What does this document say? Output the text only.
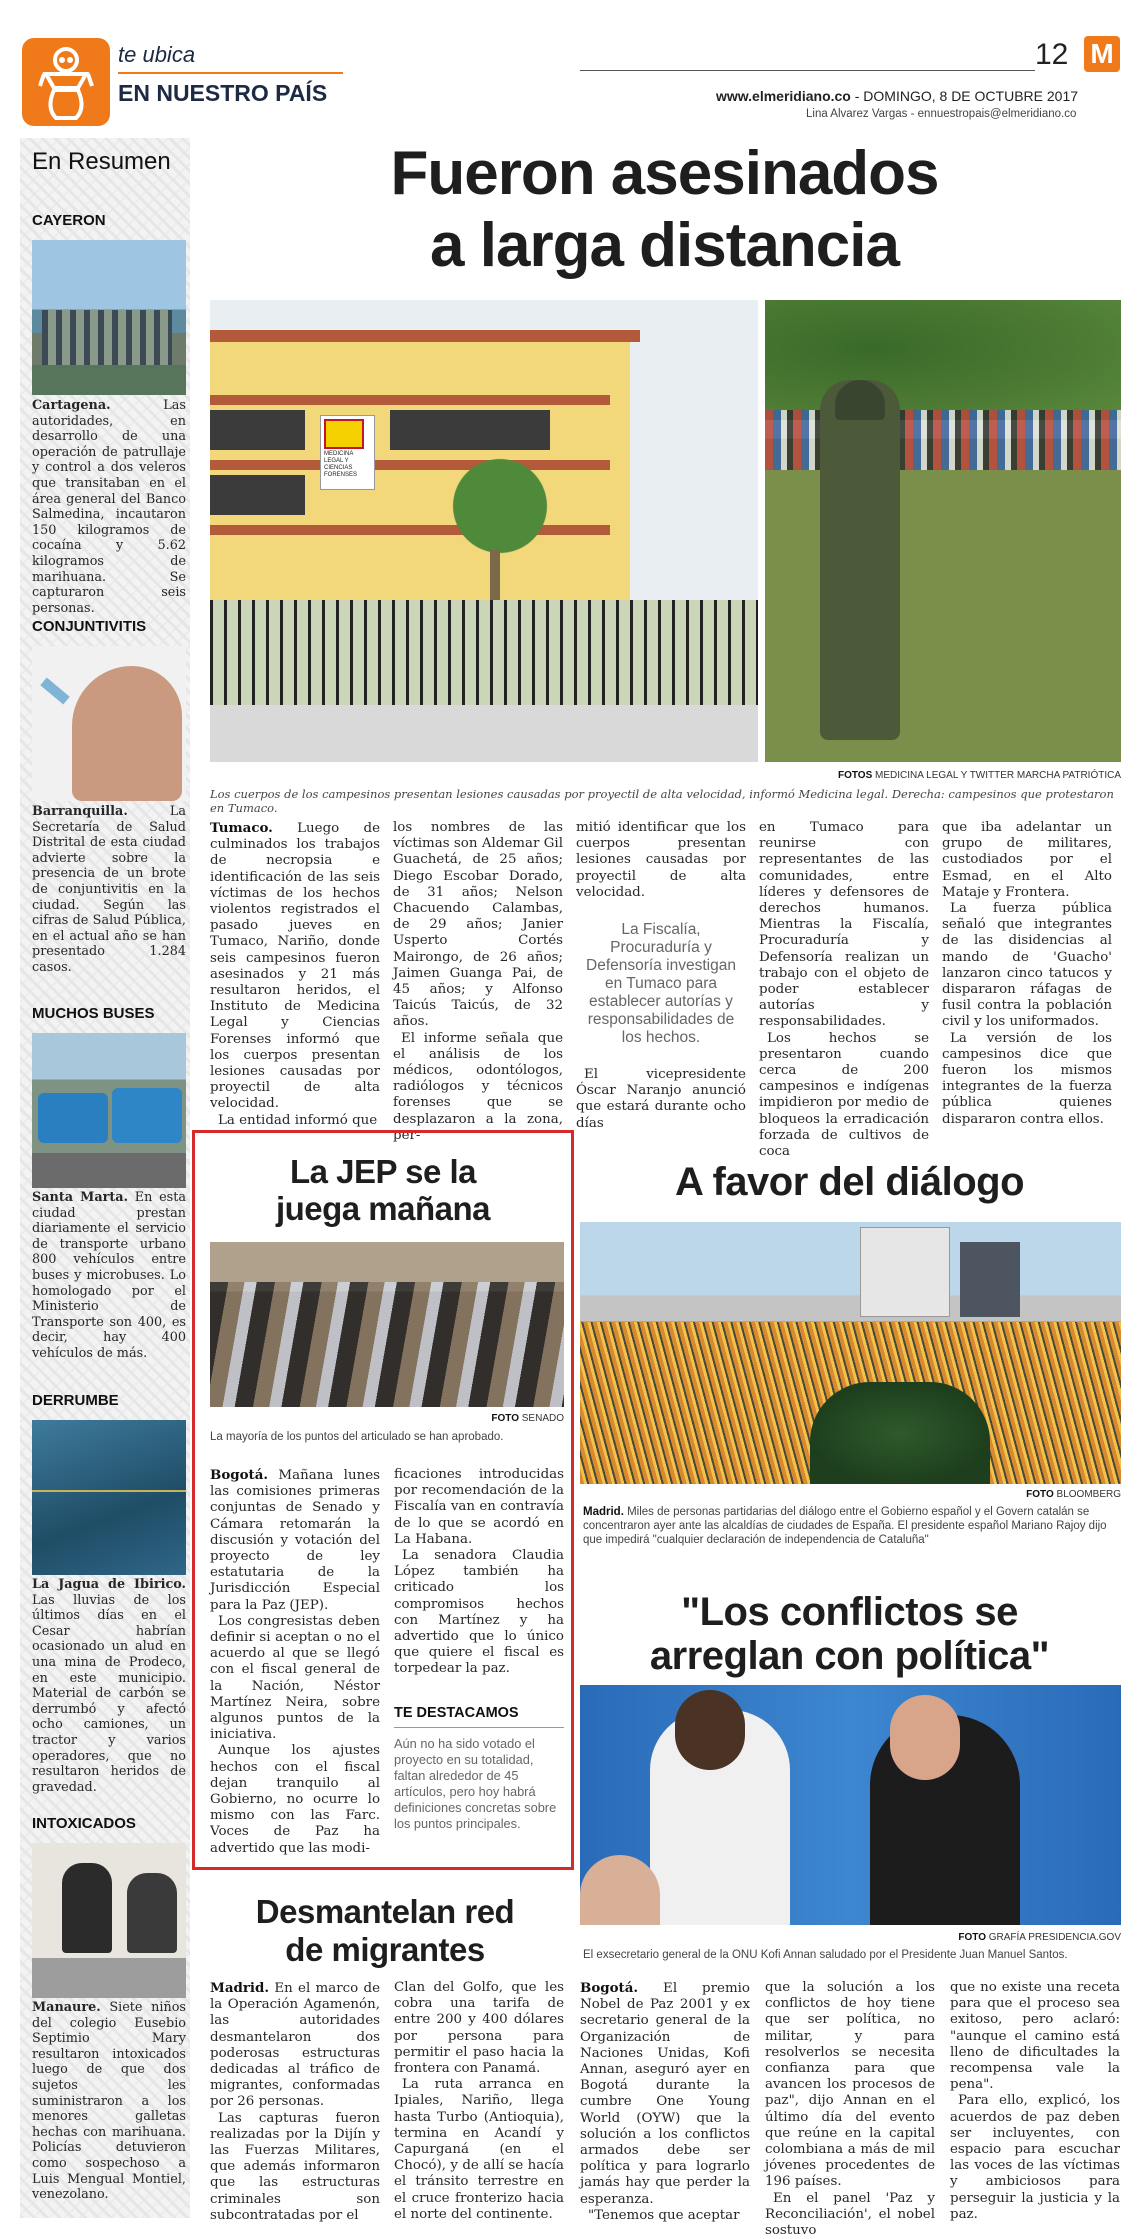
te ubica
EN NUESTRO PAÍS
12 M
www.elmeridiano.co - DOMINGO, 8 DE OCTUBRE 2017
Lina Alvarez Vargas - ennuestropais@elmeridiano.co
En Resumen
CAYERON
Cartagena. Las autoridades, en desarrollo de una operación de patrullaje y control a dos veleros que transitaban en el área general del Banco Salmedina, incautaron 150 kilogramos de cocaína y 5.62 kilogramos de marihuana. Se capturaron seis personas.
CONJUNTIVITIS
Barranquilla. La Secretaría de Salud Distrital de esta ciudad advierte sobre la presencia de un brote de conjuntivitis en la ciudad. Según las cifras de Salud Pública, en el actual año se han presentado 1.284 casos.
MUCHOS BUSES
Santa Marta. En esta ciudad prestan diariamente el servicio de transporte urbano 800 vehículos entre buses y microbuses. Lo homologado por el Ministerio de Transporte son 400, es decir, hay 400 vehículos de más.
DERRUMBE
La Jagua de Ibirico. Las lluvias de los últimos días en el Cesar habrían ocasionado un alud en una mina de Prodeco, en este municipio. Material de carbón se derrumbó y afectó ocho camiones, un tractor y varios operadores, que no resultaron heridos de gravedad.
INTOXICADOS
Manaure. Siete niños del colegio Eusebio Septimio Mary resultaron intoxicados luego de que dos sujetos les suministraron a los menores galletas hechas con marihuana. Policías detuvieron como sospechoso a Luis Mengual Montiel, venezolano.
Fueron asesinados
a larga distancia
MEDICINA LEGAL Y CIENCIAS FORENSES
FOTOS MEDICINA LEGAL Y TWITTER MARCHA PATRIÓTICA
Los cuerpos de los campesinos presentan lesiones causadas por proyectil de alta velocidad, informó Medicina legal. Derecha: campesinos que protestaron en Tumaco.

Tumaco. Luego de culminados los trabajos de necropsia e identificación de las seis víctimas de los hechos violentos registrados el pasado jueves en Tumaco, Nariño, donde seis campesinos fueron asesinados y 21 más resultaron heridos, el Instituto de Medicina Legal y Ciencias Forenses informó que los cuerpos presentan lesiones causadas por proyectil de alta velocidad.

La entidad informó que

los nombres de las víctimas son Aldemar Gil Guachetá, de 25 años; Diego Escobar Dorado, de 31 años; Nelson Chacuendo Calambas, de 29 años; Janier Usperto Cortés Mairongo, de 26 años; Jaimen Guanga Pai, de 45 años; y Alfonso Taicús Taicús, de 32 años.

El informe señala que el análisis de los médicos, odontólogos, radiólogos y técnicos forenses que se desplazaron a la zona, per-

mitió identificar que los cuerpos presentan lesiones causadas por proyectil de alta velocidad.

La Fiscalía, Procuraduría y Defensoría investigan en Tumaco para establecer autorías y responsabilidades de los hechos.

El vicepresidente Óscar Naranjo anunció que estará durante ocho días

en Tumaco para reunirse con representantes de las comunidades, entre líderes y defensores de derechos humanos. Mientras la Fiscalía, Procuraduría y Defensoría realizan un trabajo con el objeto de poder establecer autorías y responsabilidades.

Los hechos se presentaron cuando cerca de 200 campesinos e indígenas impidieron por medio de bloqueos la erradicación forzada de cultivos de coca

que iba adelantar un grupo de militares, custodiados por el Esmad, en el Alto Mataje y Frontera.

La fuerza pública señaló que integrantes de las disidencias al mando de 'Guacho' lanzaron cinco tatucos y dispararon ráfagas de fusil contra la población civil y los uniformados.

La versión de los campesinos dice que fueron los mismos integrantes de la fuerza pública quienes dispararon contra ellos.

La JEP se la
juega mañana
FOTO SENADO
La mayoría de los puntos del articulado se han aprobado.

Bogotá. Mañana lunes las comisiones primeras conjuntas de Senado y Cámara retomarán la discusión y votación del proyecto de ley estatutaria de la Jurisdicción Especial para la Paz (JEP).

Los congresistas deben definir si aceptan o no el acuerdo al que se llegó con el fiscal general de la Nación, Néstor Martínez Neira, sobre algunos puntos de la iniciativa.

Aunque los ajustes hechos con el fiscal dejan tranquilo al Gobierno, no ocurre lo mismo con las Farc. Voces de Paz ha advertido que las modi-

ficaciones introducidas por recomendación de la Fiscalía van en contravía de lo que se acordó en La Habana.

La senadora Claudia López también ha criticado los compromisos hechos con Martínez y ha advertido que lo único que quiere el fiscal es torpedear la paz.

TE DESTACAMOS
Aún no ha sido votado el proyecto en su totalidad, faltan alrededor de 45 artículos, pero hoy habrá definiciones concretas sobre los puntos principales.
A favor del diálogo
FOTO BLOOMBERG
Madrid. Miles de personas partidarias del diálogo entre el Gobierno español y el Govern catalán se concentraron ayer ante las alcaldías de ciudades de España. El presidente español Mariano Rajoy dijo que impedirá "cualquier declaración de independencia de Cataluña"
"Los conflictos se
arreglan con política"
FOTO GRAFÍA PRESIDENCIA.GOV
El exsecretario general de la ONU Kofi Annan saludado por el Presidente Juan Manuel Santos.

Bogotá. El premio Nobel de Paz 2001 y ex secretario general de la Organización de Naciones Unidas, Kofi Annan, aseguró ayer en Bogotá durante la cumbre One Young World (OYW) que la solución a los conflictos armados debe ser política y para lograrlo jamás hay que perder la esperanza.

"Tenemos que aceptar

que la solución a los conflictos de hoy tiene que ser política, no militar, y para resolverlos se necesita confianza para que avancen los procesos de paz", dijo Annan en el último día del evento que reúne en la capital colombiana a más de mil jóvenes procedentes de 196 países.

En el panel 'Paz y Reconciliación', el nobel sostuvo

que no existe una receta para que el proceso sea exitoso, pero aclaró: "aunque el camino está lleno de dificultades la recompensa vale la pena".

Para ello, explicó, los acuerdos de paz deben ser incluyentes, con espacio para escuchar las voces de las víctimas y ambiciosos para perseguir la justicia y la paz.

Desmantelan red
de migrantes

Madrid. En el marco de la Operación Agamenón, las autoridades desmantelaron dos poderosas estructuras dedicadas al tráfico de migrantes, conformadas por 26 personas.

Las capturas fueron realizadas por la Dijín y las Fuerzas Militares, que además informaron que las estructuras criminales son subcontratadas por el

Clan del Golfo, que les cobra una tarifa de entre 200 y 400 dólares por persona para permitir el paso hacia la frontera con Panamá.

La ruta arranca en Ipiales, Nariño, llega hasta Turbo (Antioquia), termina en Acandí y Capurganá (en el Chocó), y de allí se hacía el tránsito terrestre en el cruce fronterizo hacia el norte del continente.
